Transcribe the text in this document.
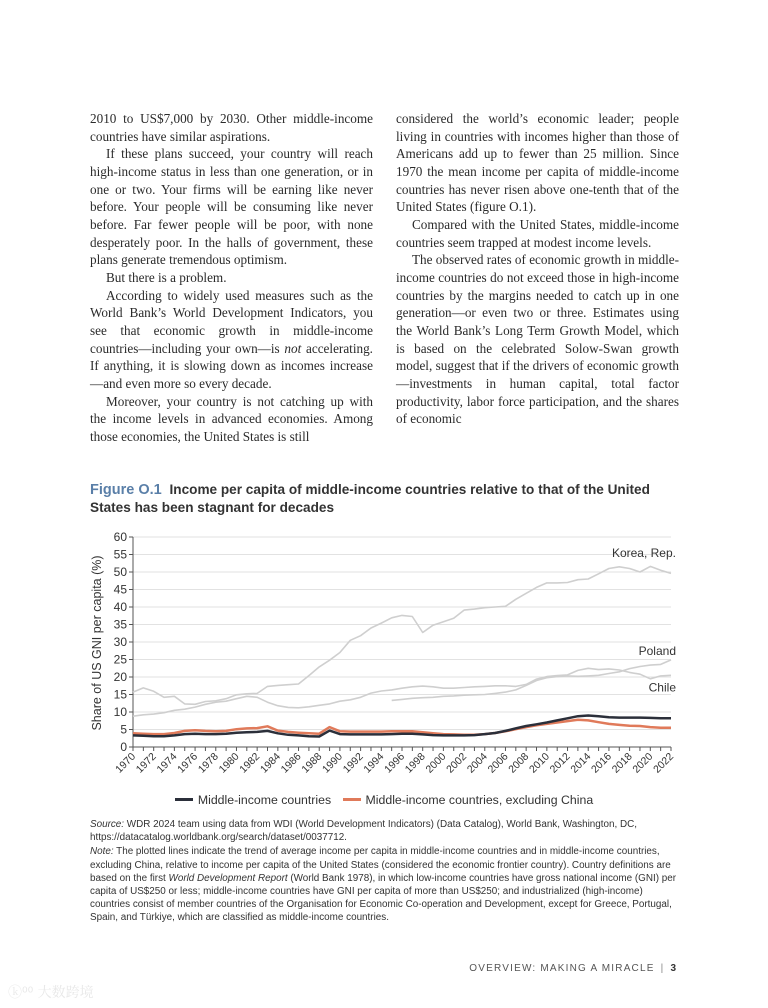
2010 to US$7,000 by 2030. Other middle-income countries have similar aspirations.

If these plans succeed, your country will reach high-income status in less than one generation, or in one or two. Your firms will be earning like never before. Your people will be consuming like never before. Far fewer people will be poor, with none desperately poor. In the halls of government, these plans generate tremendous optimism.

But there is a problem.

According to widely used measures such as the World Bank’s World Development Indicators, you see that economic growth in middle-income countries—including your own—is not accelerating. If anything, it is slowing down as incomes increase—and even more so every decade.

Moreover, your country is not catching up with the income levels in advanced economies. Among those economies, the United States is still

considered the world’s economic leader; people living in countries with incomes higher than those of Americans add up to fewer than 25 million. Since 1970 the mean income per capita of middle-income countries has never risen above one-tenth that of the United States (figure O.1).

Compared with the United States, middle-income countries seem trapped at modest income levels.

The observed rates of economic growth in middle-income countries do not exceed those in high-income countries by the margins needed to catch up in one generation—or even two or three. Estimates using the World Bank’s Long Term Growth Model, which is based on the celebrated Solow-Swan growth model, suggest that if the drivers of economic growth—investments in human capital, total factor productivity, labor force participation, and the shares of economic

Figure O.1 Income per capita of middle-income countries relative to that of the United States has been stagnant for decades
0
5
10
15
20
25
30
35
40
45
50
55
60
1970
1972
1974
1976
1978
1980
1982
1984
1986
1988
1990
1992
1994
1996
1998
2000
2002
2004
2006
2008
2010
2012
2014
2016
2018
2020
2022
Korea, Rep.
Chile
Poland
Share of US GNI per capita (%)
Middle-income countries
	Middle-income countries, excluding China

Source: WDR 2024 team using data from WDI (World Development Indicators) (Data Catalog), World Bank, Washington, DC, https://datacatalog.worldbank.org/search/dataset/0037712.

Note: The plotted lines indicate the trend of average income per capita in middle-income countries and in middle-income countries, excluding China, relative to income per capita of the United States (considered the economic frontier country). Country definitions are based on the first World Development Report (World Bank 1978), in which low-income countries have gross national income (GNI) per capita of US$250 or less; middle-income countries have GNI per capita of more than US$250; and industrialized (high-income) countries consist of member countries of the Organisation for Economic Co-operation and Development, except for Greece, Portugal, Spain, and Türkiye, which are classified as middle-income countries.

OVERVIEW: MAKING A MIRACLE | 3
ⓚ⁰⁰ 大数跨境
